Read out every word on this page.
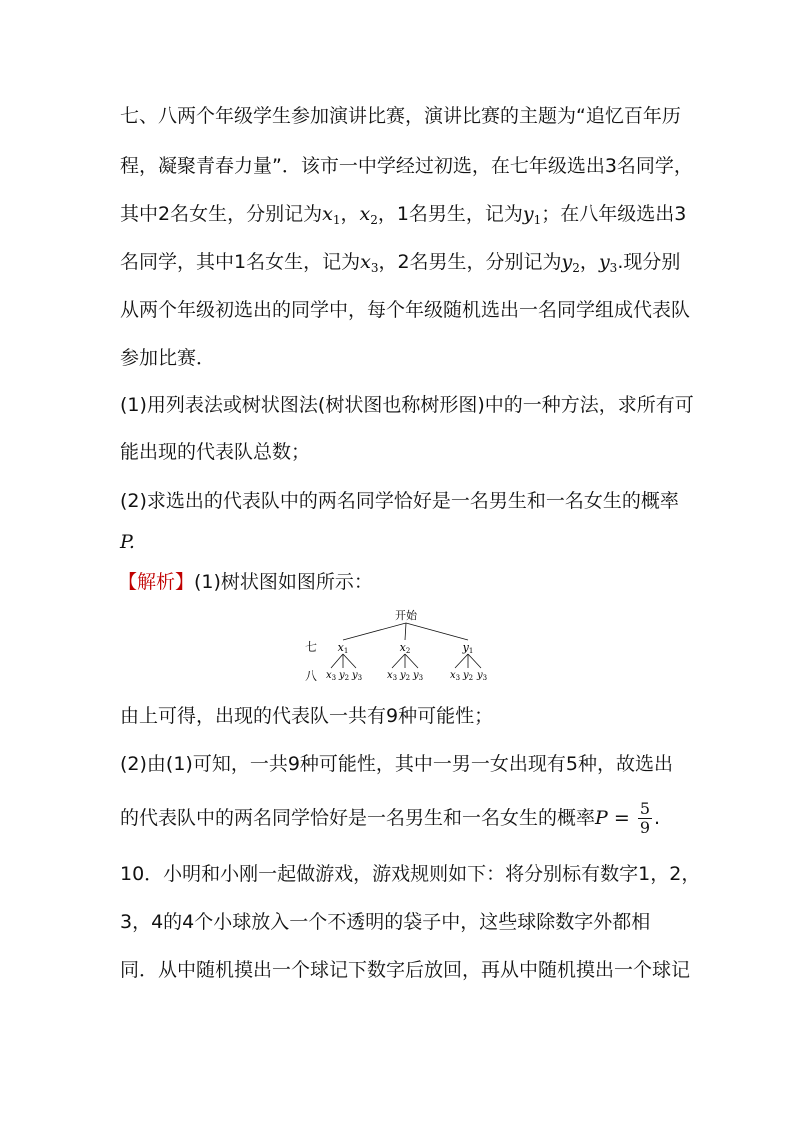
七、八两个年级学生参加演讲比赛，演讲比赛的主题为“追忆百年历
程，凝聚青春力量”．该市一中学经过初选，在七年级选出3名同学，
其中2名女生，分别记为$x_1$，$x_2$，1名男生，记为$y_1$；在八年级选出3
名同学，其中1名女生，记为$x_3$，2名男生，分别记为$y_2$，$y_3$.现分别
从两个年级初选出的同学中，每个年级随机选出一名同学组成代表队
参加比赛．
(1)用列表法或树状图法(树状图也称树形图)中的一种方法，求所有可
能出现的代表队总数；
(2)求选出的代表队中的两名同学恰好是一名男生和一名女生的概率
P.
【解析】(1)树状图如图所示：
开始
七
八
x1	x2	y1
$x_3$ $y_2$ $y_3$ $x_3$ $y_2$ $y_3$	$x_3$ $y_2$ $y_3$
由上可得，出现的代表队一共有9种可能性；
(2)由(1)可知，一共9种可能性，其中一男一女出现有5种，故选出
的代表队中的两名同学恰好是一名男生和一名女生的概率$P = \frac{5}{9}$ .
10．小明和小刚一起做游戏，游戏规则如下：将分别标有数字1，2，
3，4的4个小球放入一个不透明的袋子中，这些球除数字外都相
同．从中随机摸出一个球记下数字后放回，再从中随机摸出一个球记
